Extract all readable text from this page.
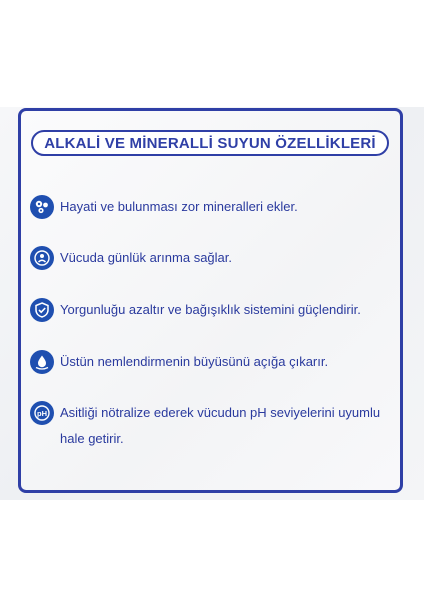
ALKALİ VE MİNERALLİ SUYUN ÖZELLİKLERİ
Hayati ve bulunması zor mineralleri ekler.
Vücuda günlük arınma sağlar.
Yorgunluğu azaltır ve bağışıklık sistemini güçlendirir.
Üstün nemlendirmenin büyüsünü açığa çıkarır.
pH Asitliği nötralize ederek vücudun pH seviyelerini uyumlu hale getirir.
